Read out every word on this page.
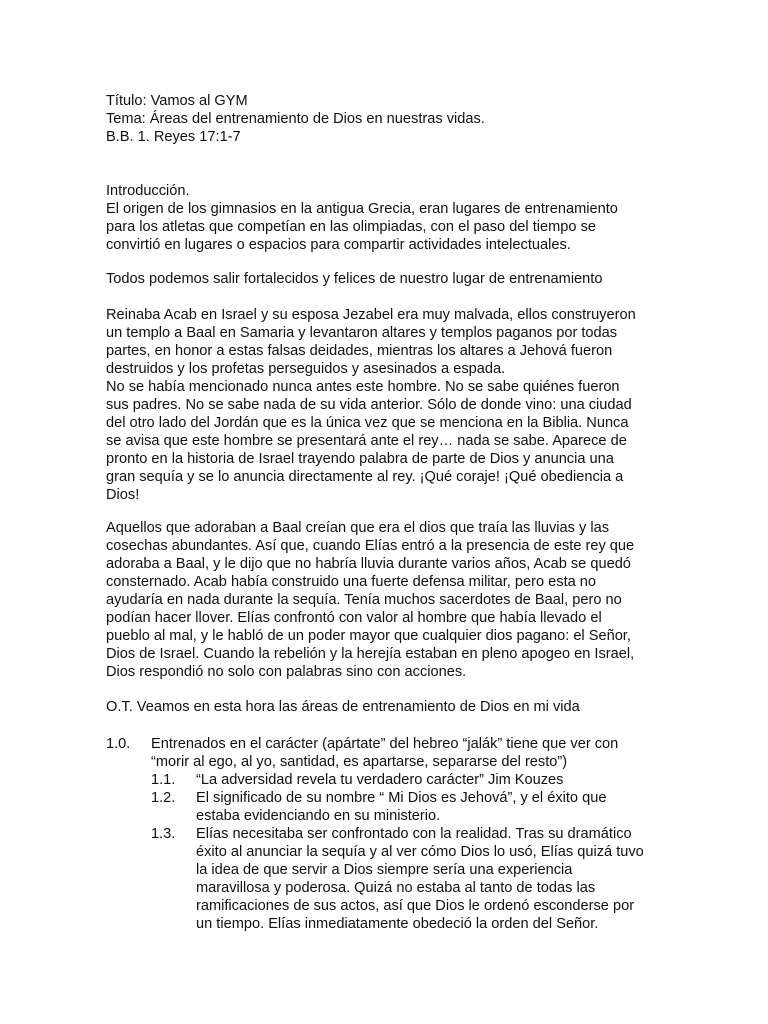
Título: Vamos al GYM
Tema: Áreas del entrenamiento de Dios en nuestras vidas.
B.B. 1. Reyes 17:1-7
Introducción.
El origen de los gimnasios en la antigua Grecia, eran lugares de entrenamiento
para los atletas que competían en las olimpiadas, con el paso del tiempo se
convirtió en lugares o espacios para compartir actividades intelectuales.
Todos podemos salir fortalecidos y felices de nuestro lugar de entrenamiento
Reinaba Acab en Israel y su esposa Jezabel era muy malvada, ellos construyeron
un templo a Baal en Samaria y levantaron altares y templos paganos por todas
partes, en honor a estas falsas deidades, mientras los altares a Jehová fueron
destruidos y los profetas perseguidos y asesinados a espada.
No se había mencionado nunca antes este hombre. No se sabe quiénes fueron
sus padres. No se sabe nada de su vida anterior. Sólo de donde vino: una ciudad
del otro lado del Jordán que es la única vez que se menciona en la Biblia. Nunca
se avisa que este hombre se presentará ante el rey… nada se sabe. Aparece de
pronto en la historia de Israel trayendo palabra de parte de Dios y anuncia una
gran sequía y se lo anuncia directamente al rey. ¡Qué coraje! ¡Qué obediencia a
Dios!
Aquellos que adoraban a Baal creían que era el dios que traía las lluvias y las
cosechas abundantes. Así que, cuando Elías entró a la presencia de este rey que
adoraba a Baal, y le dijo que no habría lluvia durante varios años, Acab se quedó
consternado. Acab había construido una fuerte defensa militar, pero esta no
ayudaría en nada durante la sequía. Tenía muchos sacerdotes de Baal, pero no
podían hacer llover. Elías confrontó con valor al hombre que había llevado el
pueblo al mal, y le habló de un poder mayor que cualquier dios pagano: el Señor,
Dios de Israel. Cuando la rebelión y la herejía estaban en pleno apogeo en Israel,
Dios respondió no solo con palabras sino con acciones.
O.T. Veamos en esta hora las áreas de entrenamiento de Dios en mi vida
1.0.	Entrenados en el carácter (apártate” del hebreo “jalák” tiene que ver con
“morir al ego, al yo, santidad, es apartarse, separarse del resto”)
1.1.	“La adversidad revela tu verdadero carácter” Jim Kouzes
1.2.	El significado de su nombre “ Mi Dios es Jehová”, y el éxito que
estaba evidenciando en su ministerio.
1.3.	Elías necesitaba ser confrontado con la realidad. Tras su dramático
éxito al anunciar la sequía y al ver cómo Dios lo usó, Elías quizá tuvo
la idea de que servir a Dios siempre sería una experiencia
maravillosa y poderosa. Quizá no estaba al tanto de todas las
ramificaciones de sus actos, así que Dios le ordenó esconderse por
un tiempo. Elías inmediatamente obedeció la orden del Señor.
